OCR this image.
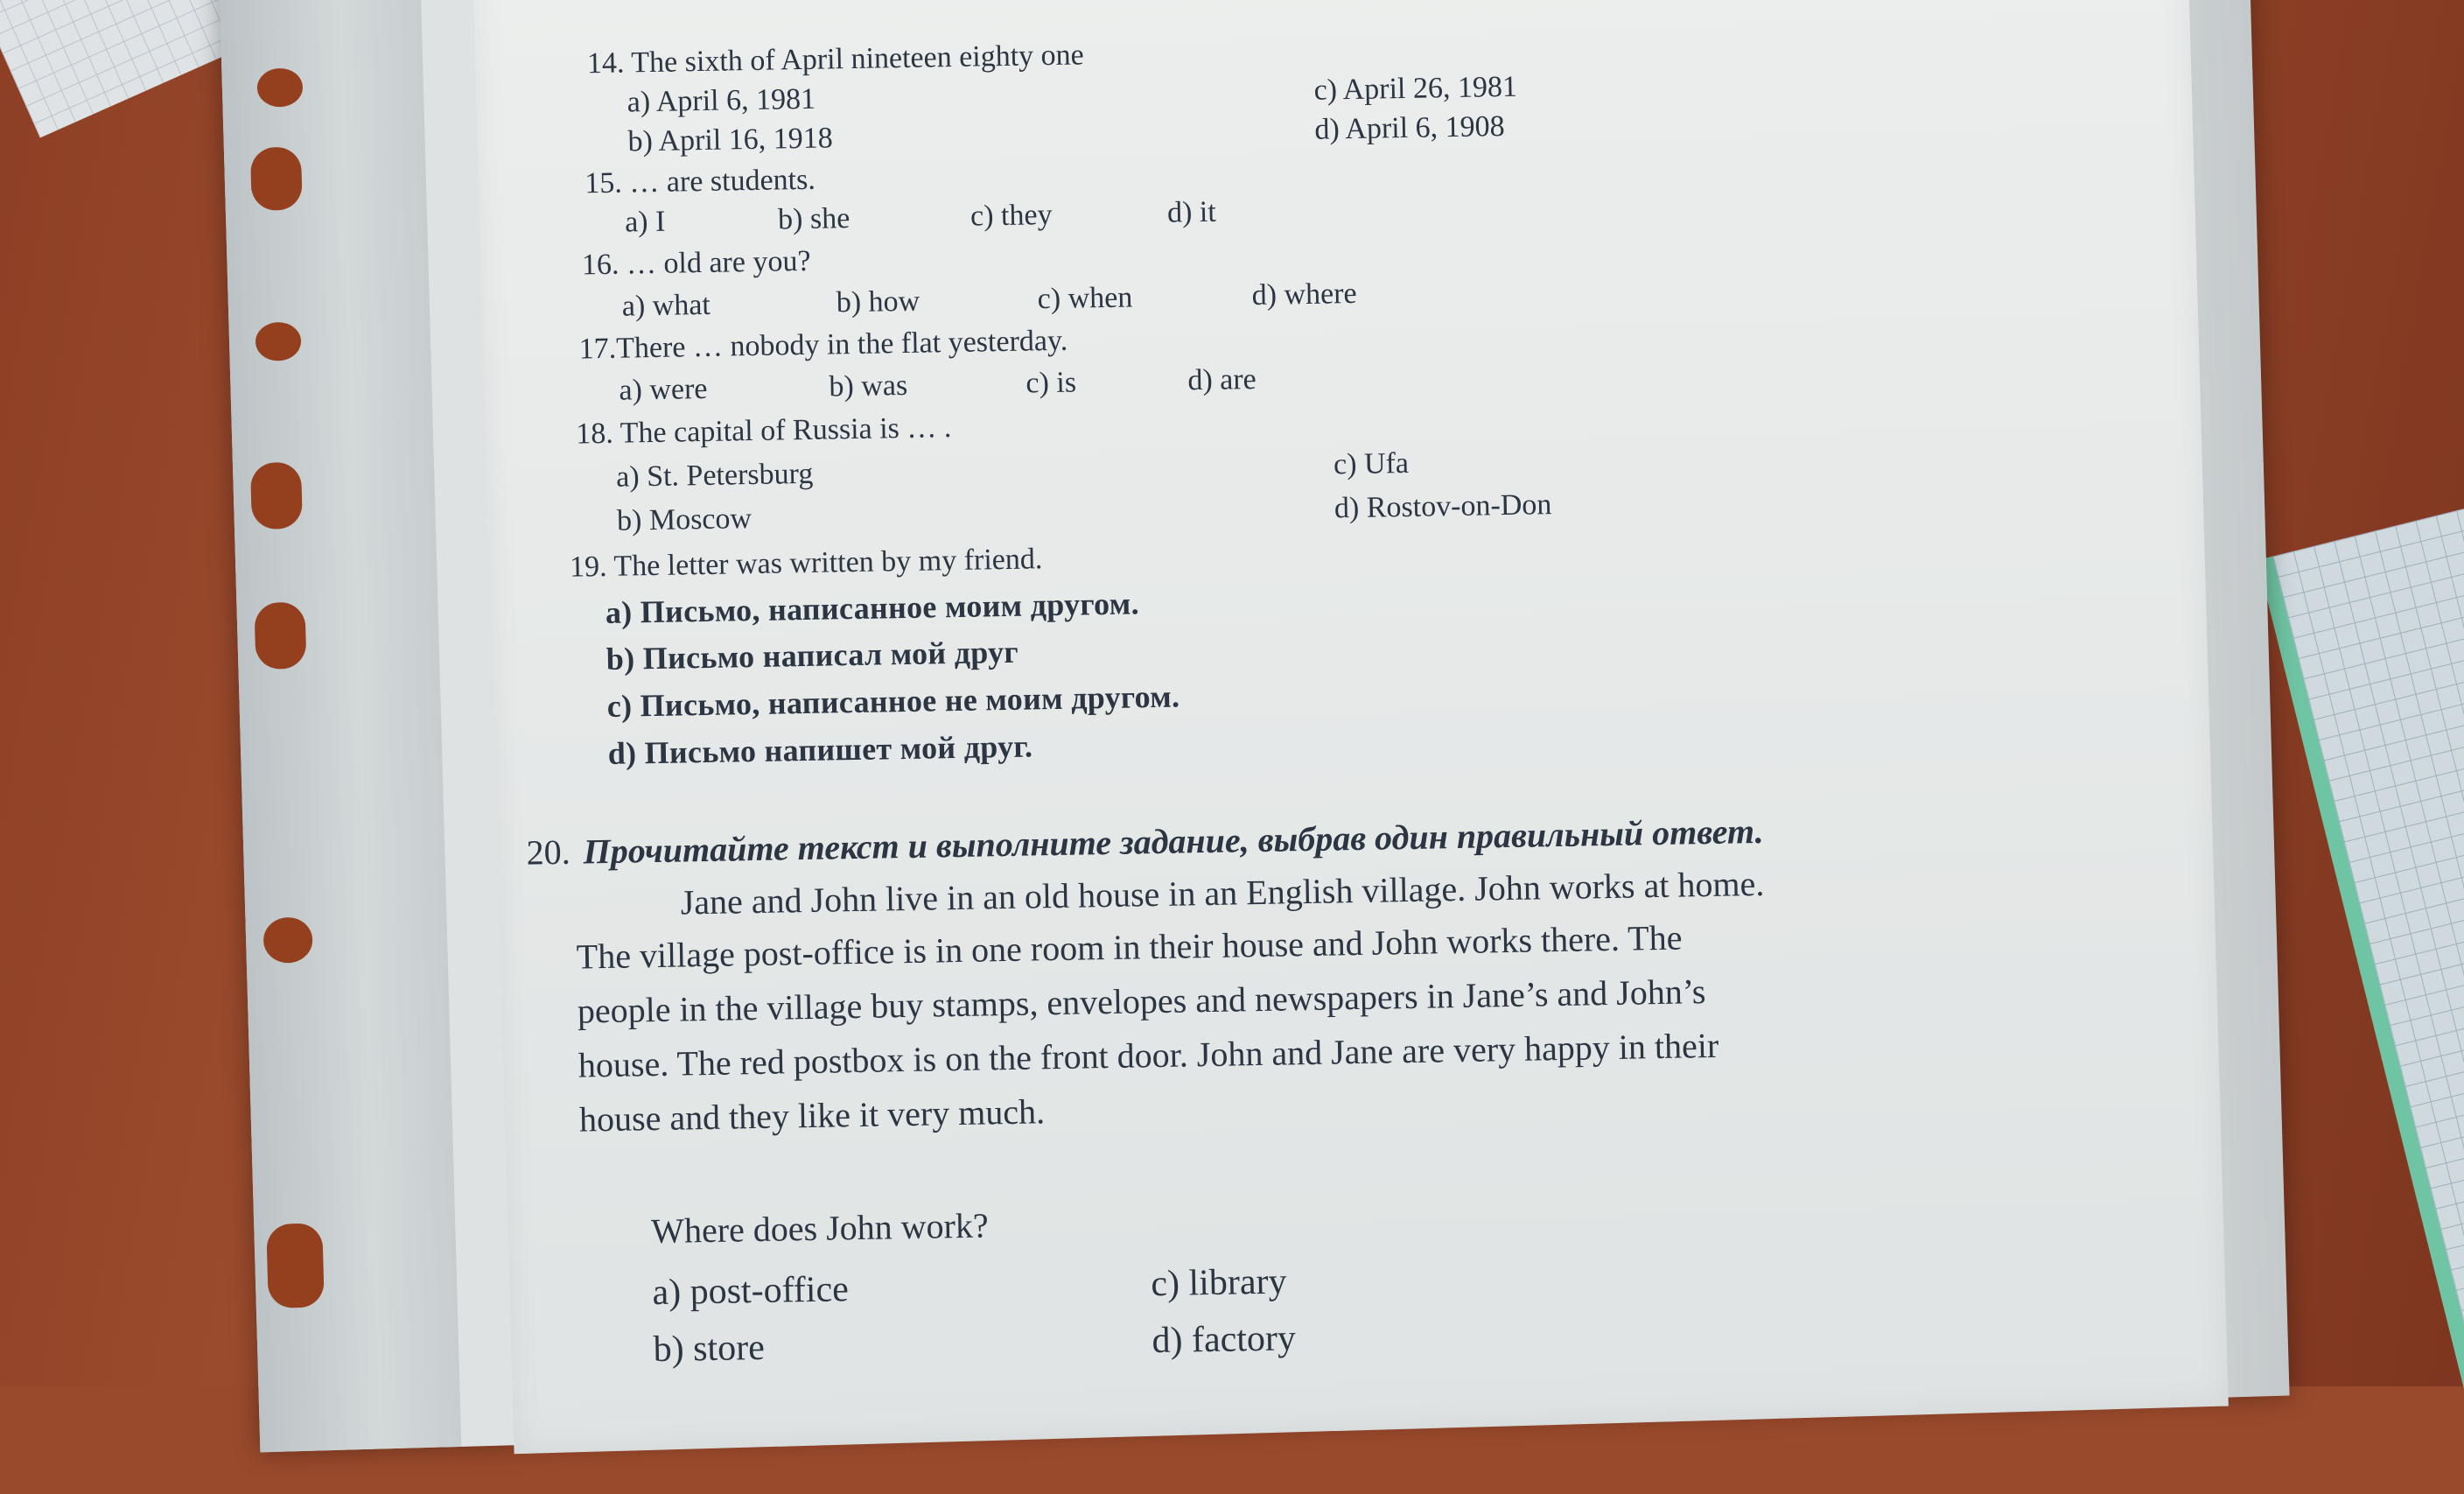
14. The sixth of April nineteen eighty one
a) April 6, 1981	c) April 26, 1981
b) April 16, 1918	d) April 6, 1908
15. … are students.
a) I	b) she	c) they	d) it
16. … old are you?
a) what	b) how	c) when	d) where
17.There … nobody in the flat yesterday.
a) were	b) was	c) is	d) are
18. The capital of Russia is … .
a) St. Petersburg	c) Ufa
b) Moscow	d) Rostov-on-Don
19. The letter was written by my friend.
a) Письмо, написанное моим другом.
b) Письмо написал мой друг
c) Письмо, написанное не моим другом.
d) Письмо напишет мой друг.
20. Прочитайте текст и выполните задание, выбрав один правильный ответ.
Jane and John live in an old house in an English village. John works at home.
The village post-office is in one room in their house and John works there. The
people in the village buy stamps, envelopes and newspapers in Jane’s and John’s
house. The red postbox is on the front door. John and Jane are very happy in their
house and they like it very much.
Where does John work?
a) post-office	c) library
b) store	d) factory
